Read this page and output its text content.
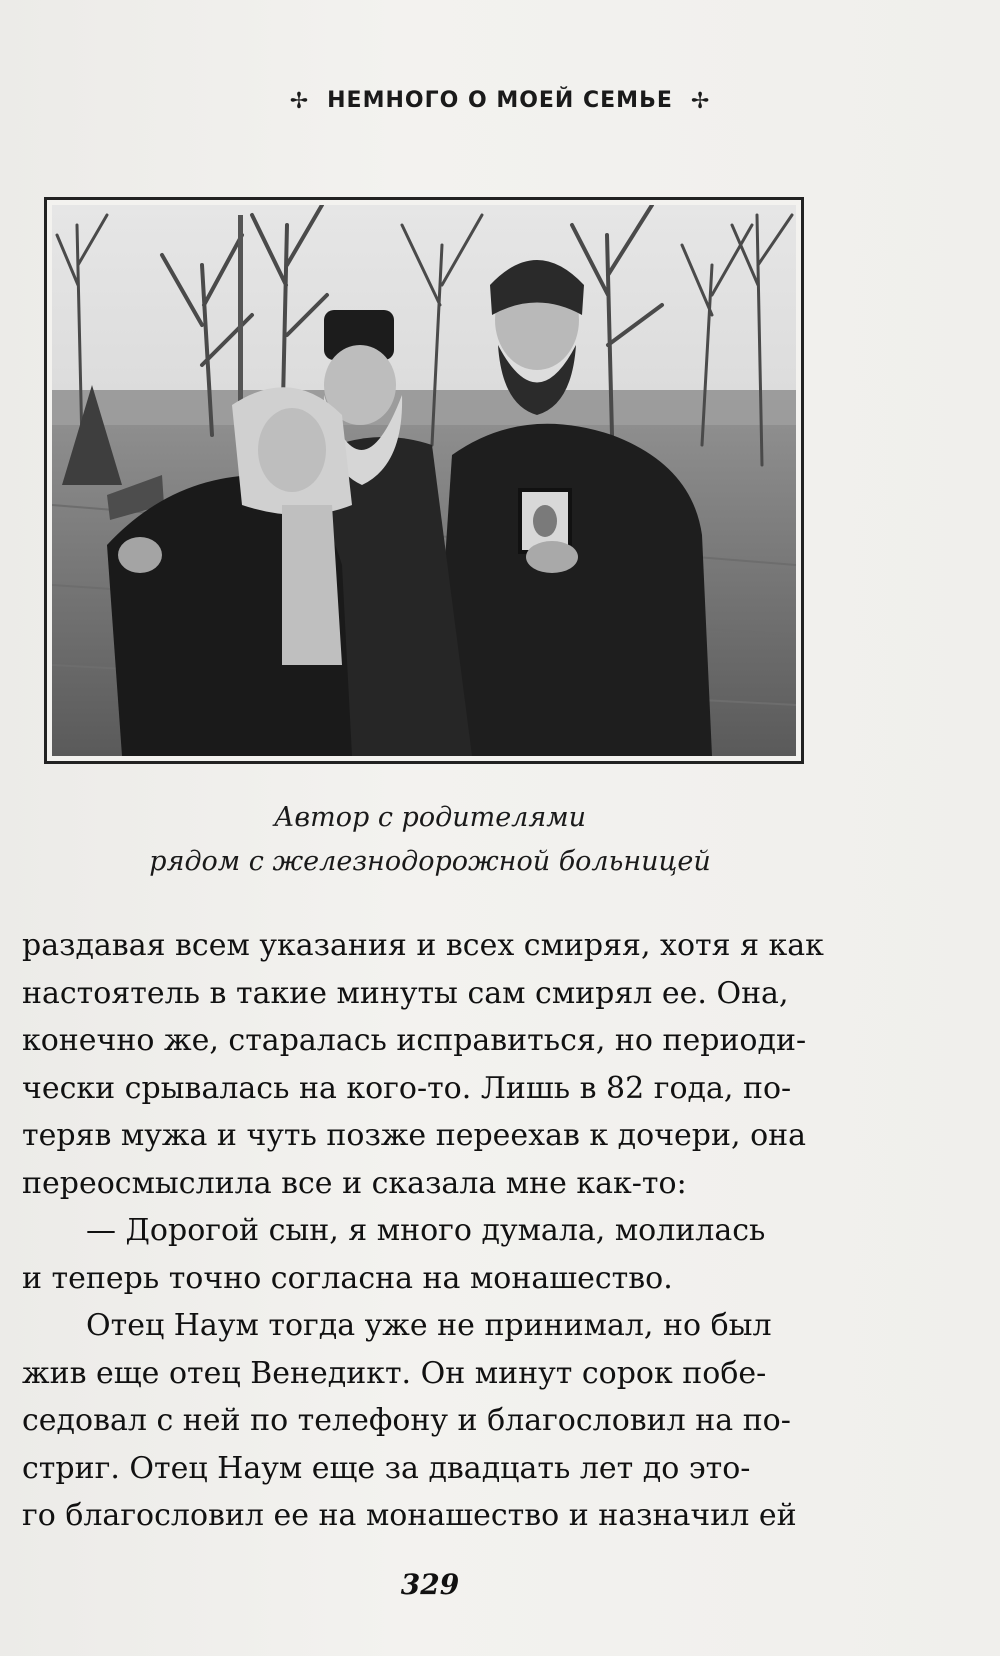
✢ НЕМНОГО О МОЕЙ СЕМЬЕ ✢
Автор с родителями
рядом с железнодорожной больницей
раздавая всем указания и всех смиряя, хотя я как
настоятель в такие минуты сам смирял ее. Она,
конечно же, старалась исправиться, но периоди-
чески срывалась на кого-то. Лишь в 82 года, по-
теряв мужа и чуть позже переехав к дочери, она
переосмыслила все и сказала мне как-то:
— Дорогой сын, я много думала, молилась
и теперь точно согласна на монашество.
Отец Наум тогда уже не принимал, но был
жив еще отец Венедикт. Он минут сорок побе-
седовал с ней по телефону и благословил на по-
стриг. Отец Наум еще за двадцать лет до это-
го благословил ее на монашество и назначил ей
329
